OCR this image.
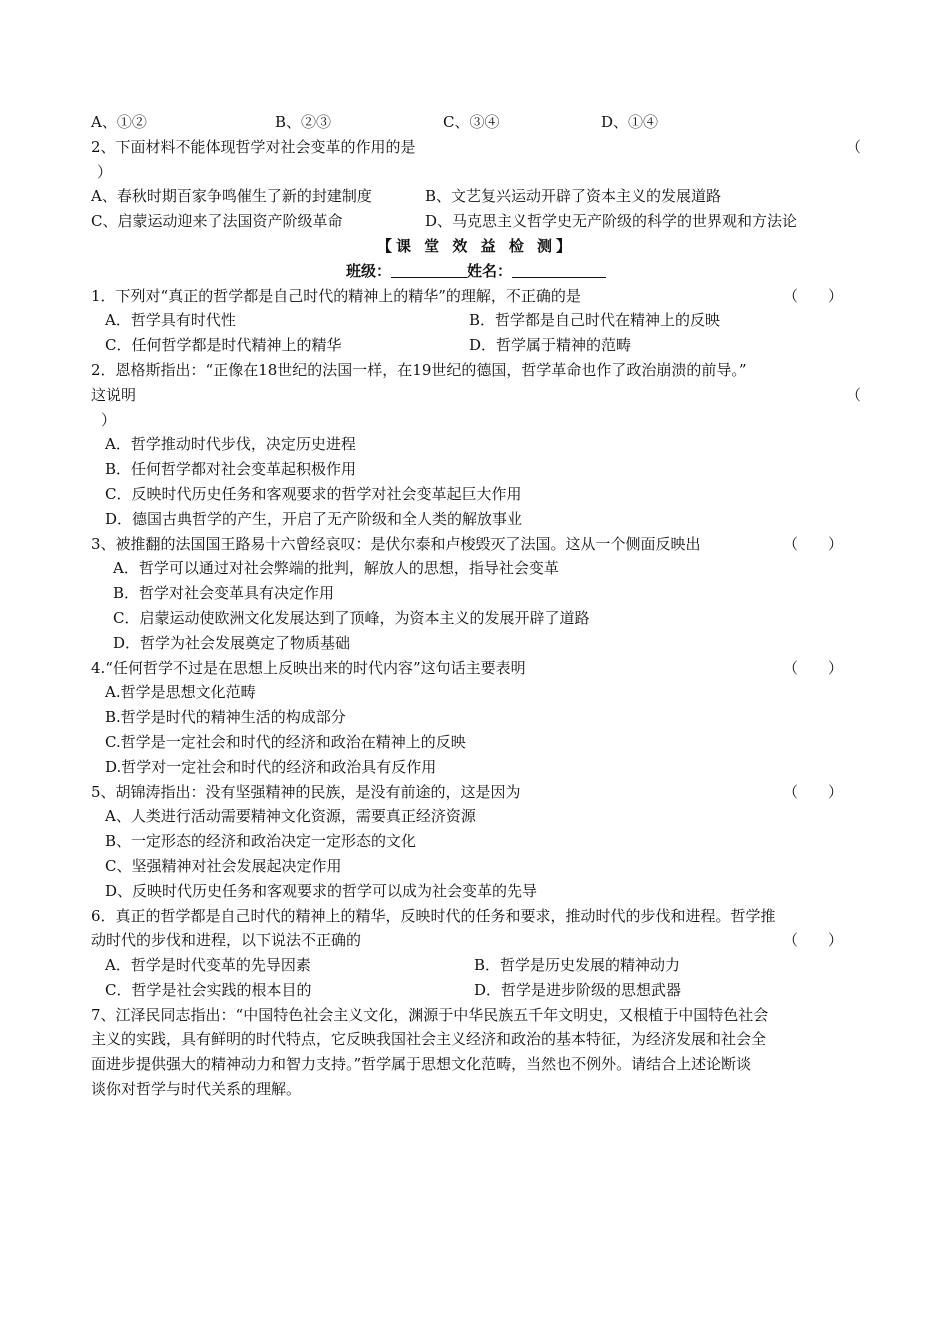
A、①②	B、②③	C、③④	D、①④
2、下面材料不能体现哲学对社会变革的作用的是	（
）
A、春秋时期百家争鸣催生了新的封建制度	B、文艺复兴运动开辟了资本主义的发展道路
C、启蒙运动迎来了法国资产阶级革命	D、马克思主义哲学史无产阶级的科学的世界观和方法论
【课 堂 效 益 检 测】
班级：	姓名：
1．下列对“真正的哲学都是自己时代的精神上的精华”的理解，不正确的是	（　　）
A．哲学具有时代性	B．哲学都是自己时代在精神上的反映
C．任何哲学都是时代精神上的精华	D．哲学属于精神的范畴
2．恩格斯指出：“正像在18世纪的法国一样，在19世纪的德国，哲学革命也作了政治崩溃的前导。”
这说明	（
）
A．哲学推动时代步伐，决定历史进程
B．任何哲学都对社会变革起积极作用
C．反映时代历史任务和客观要求的哲学对社会变革起巨大作用
D．德国古典哲学的产生，开启了无产阶级和全人类的解放事业
3、被推翻的法国国王路易十六曾经哀叹：是伏尔泰和卢梭毁灭了法国。这从一个侧面反映出	（　　）
A．哲学可以通过对社会弊端的批判，解放人的思想，指导社会变革
B．哲学对社会变革具有决定作用
C．启蒙运动使欧洲文化发展达到了顶峰，为资本主义的发展开辟了道路
D．哲学为社会发展奠定了物质基础
4.“任何哲学不过是在思想上反映出来的时代内容”这句话主要表明	（　　）
A.哲学是思想文化范畴
B.哲学是时代的精神生活的构成部分
C.哲学是一定社会和时代的经济和政治在精神上的反映
D.哲学对一定社会和时代的经济和政治具有反作用
5、胡锦涛指出：没有坚强精神的民族，是没有前途的，这是因为	（　　）
A、人类进行活动需要精神文化资源，需要真正经济资源
B、一定形态的经济和政治决定一定形态的文化
C、坚强精神对社会发展起决定作用
D、反映时代历史任务和客观要求的哲学可以成为社会变革的先导
6．真正的哲学都是自己时代的精神上的精华，反映时代的任务和要求，推动时代的步伐和进程。哲学推
动时代的步伐和进程，以下说法不正确的	（　　）
A．哲学是时代变革的先导因素	B．哲学是历史发展的精神动力
C．哲学是社会实践的根本目的	D．哲学是进步阶级的思想武器
7、江泽民同志指出：“中国特色社会主义文化，渊源于中华民族五千年文明史，又根植于中国特色社会
主义的实践，具有鲜明的时代特点，它反映我国社会主义经济和政治的基本特征，为经济发展和社会全
面进步提供强大的精神动力和智力支持。”哲学属于思想文化范畴，当然也不例外。请结合上述论断谈
谈你对哲学与时代关系的理解。
